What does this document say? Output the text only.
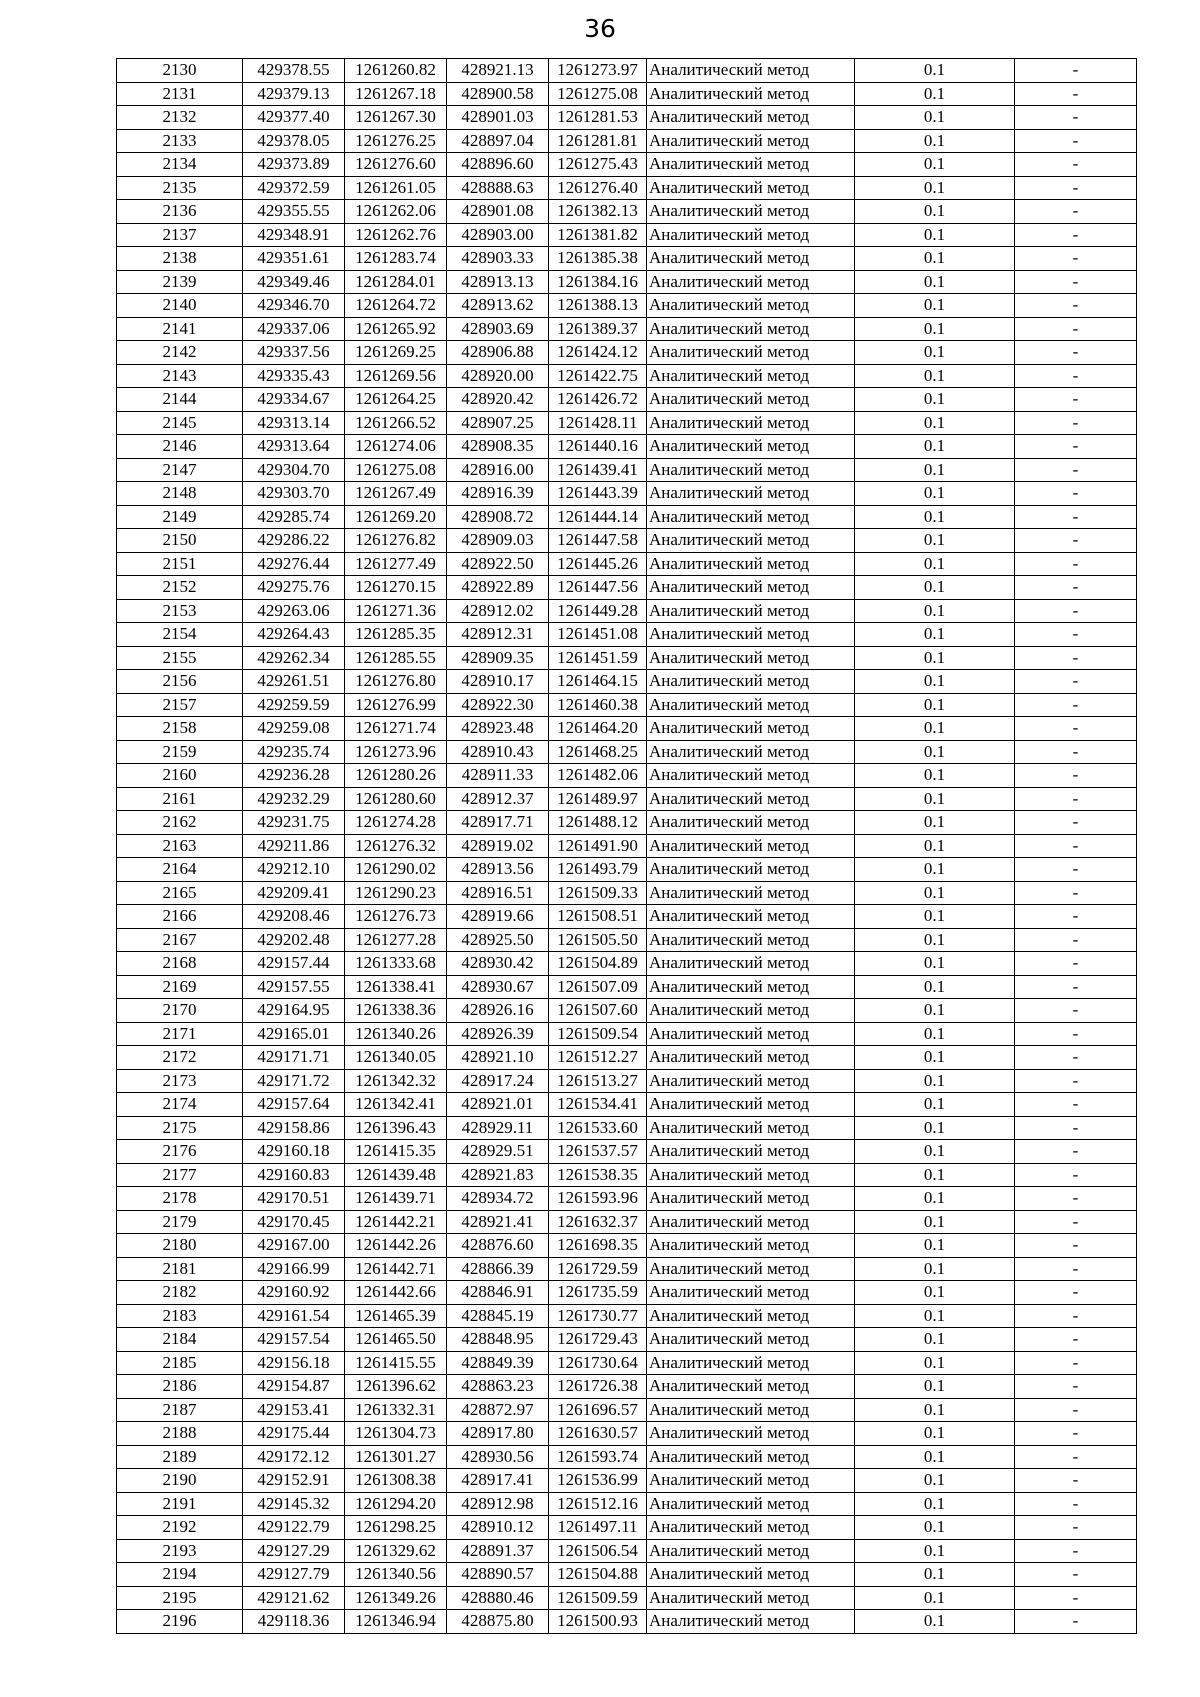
36
2130	429378.55	1261260.82	428921.13	1261273.97	Аналитический метод	0.1	-
2131	429379.13	1261267.18	428900.58	1261275.08	Аналитический метод	0.1	-
2132	429377.40	1261267.30	428901.03	1261281.53	Аналитический метод	0.1	-
2133	429378.05	1261276.25	428897.04	1261281.81	Аналитический метод	0.1	-
2134	429373.89	1261276.60	428896.60	1261275.43	Аналитический метод	0.1	-
2135	429372.59	1261261.05	428888.63	1261276.40	Аналитический метод	0.1	-
2136	429355.55	1261262.06	428901.08	1261382.13	Аналитический метод	0.1	-
2137	429348.91	1261262.76	428903.00	1261381.82	Аналитический метод	0.1	-
2138	429351.61	1261283.74	428903.33	1261385.38	Аналитический метод	0.1	-
2139	429349.46	1261284.01	428913.13	1261384.16	Аналитический метод	0.1	-
2140	429346.70	1261264.72	428913.62	1261388.13	Аналитический метод	0.1	-
2141	429337.06	1261265.92	428903.69	1261389.37	Аналитический метод	0.1	-
2142	429337.56	1261269.25	428906.88	1261424.12	Аналитический метод	0.1	-
2143	429335.43	1261269.56	428920.00	1261422.75	Аналитический метод	0.1	-
2144	429334.67	1261264.25	428920.42	1261426.72	Аналитический метод	0.1	-
2145	429313.14	1261266.52	428907.25	1261428.11	Аналитический метод	0.1	-
2146	429313.64	1261274.06	428908.35	1261440.16	Аналитический метод	0.1	-
2147	429304.70	1261275.08	428916.00	1261439.41	Аналитический метод	0.1	-
2148	429303.70	1261267.49	428916.39	1261443.39	Аналитический метод	0.1	-
2149	429285.74	1261269.20	428908.72	1261444.14	Аналитический метод	0.1	-
2150	429286.22	1261276.82	428909.03	1261447.58	Аналитический метод	0.1	-
2151	429276.44	1261277.49	428922.50	1261445.26	Аналитический метод	0.1	-
2152	429275.76	1261270.15	428922.89	1261447.56	Аналитический метод	0.1	-
2153	429263.06	1261271.36	428912.02	1261449.28	Аналитический метод	0.1	-
2154	429264.43	1261285.35	428912.31	1261451.08	Аналитический метод	0.1	-
2155	429262.34	1261285.55	428909.35	1261451.59	Аналитический метод	0.1	-
2156	429261.51	1261276.80	428910.17	1261464.15	Аналитический метод	0.1	-
2157	429259.59	1261276.99	428922.30	1261460.38	Аналитический метод	0.1	-
2158	429259.08	1261271.74	428923.48	1261464.20	Аналитический метод	0.1	-
2159	429235.74	1261273.96	428910.43	1261468.25	Аналитический метод	0.1	-
2160	429236.28	1261280.26	428911.33	1261482.06	Аналитический метод	0.1	-
2161	429232.29	1261280.60	428912.37	1261489.97	Аналитический метод	0.1	-
2162	429231.75	1261274.28	428917.71	1261488.12	Аналитический метод	0.1	-
2163	429211.86	1261276.32	428919.02	1261491.90	Аналитический метод	0.1	-
2164	429212.10	1261290.02	428913.56	1261493.79	Аналитический метод	0.1	-
2165	429209.41	1261290.23	428916.51	1261509.33	Аналитический метод	0.1	-
2166	429208.46	1261276.73	428919.66	1261508.51	Аналитический метод	0.1	-
2167	429202.48	1261277.28	428925.50	1261505.50	Аналитический метод	0.1	-
2168	429157.44	1261333.68	428930.42	1261504.89	Аналитический метод	0.1	-
2169	429157.55	1261338.41	428930.67	1261507.09	Аналитический метод	0.1	-
2170	429164.95	1261338.36	428926.16	1261507.60	Аналитический метод	0.1	-
2171	429165.01	1261340.26	428926.39	1261509.54	Аналитический метод	0.1	-
2172	429171.71	1261340.05	428921.10	1261512.27	Аналитический метод	0.1	-
2173	429171.72	1261342.32	428917.24	1261513.27	Аналитический метод	0.1	-
2174	429157.64	1261342.41	428921.01	1261534.41	Аналитический метод	0.1	-
2175	429158.86	1261396.43	428929.11	1261533.60	Аналитический метод	0.1	-
2176	429160.18	1261415.35	428929.51	1261537.57	Аналитический метод	0.1	-
2177	429160.83	1261439.48	428921.83	1261538.35	Аналитический метод	0.1	-
2178	429170.51	1261439.71	428934.72	1261593.96	Аналитический метод	0.1	-
2179	429170.45	1261442.21	428921.41	1261632.37	Аналитический метод	0.1	-
2180	429167.00	1261442.26	428876.60	1261698.35	Аналитический метод	0.1	-
2181	429166.99	1261442.71	428866.39	1261729.59	Аналитический метод	0.1	-
2182	429160.92	1261442.66	428846.91	1261735.59	Аналитический метод	0.1	-
2183	429161.54	1261465.39	428845.19	1261730.77	Аналитический метод	0.1	-
2184	429157.54	1261465.50	428848.95	1261729.43	Аналитический метод	0.1	-
2185	429156.18	1261415.55	428849.39	1261730.64	Аналитический метод	0.1	-
2186	429154.87	1261396.62	428863.23	1261726.38	Аналитический метод	0.1	-
2187	429153.41	1261332.31	428872.97	1261696.57	Аналитический метод	0.1	-
2188	429175.44	1261304.73	428917.80	1261630.57	Аналитический метод	0.1	-
2189	429172.12	1261301.27	428930.56	1261593.74	Аналитический метод	0.1	-
2190	429152.91	1261308.38	428917.41	1261536.99	Аналитический метод	0.1	-
2191	429145.32	1261294.20	428912.98	1261512.16	Аналитический метод	0.1	-
2192	429122.79	1261298.25	428910.12	1261497.11	Аналитический метод	0.1	-
2193	429127.29	1261329.62	428891.37	1261506.54	Аналитический метод	0.1	-
2194	429127.79	1261340.56	428890.57	1261504.88	Аналитический метод	0.1	-
2195	429121.62	1261349.26	428880.46	1261509.59	Аналитический метод	0.1	-
2196	429118.36	1261346.94	428875.80	1261500.93	Аналитический метод	0.1	-
